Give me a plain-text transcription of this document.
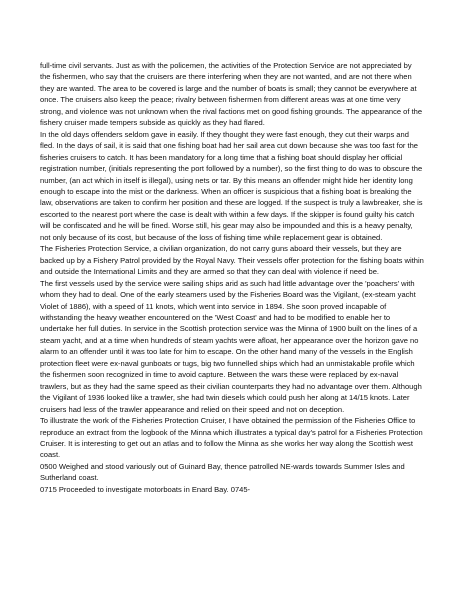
full-time civil servants. Just as with the policemen, the activities of the Protection Service are not appreciated by the fishermen, who say that the cruisers are there interfering when they are not wanted, and are not there when they are wanted. The area to be covered is large and the number of boats is small; they cannot be everywhere at once. The cruisers also keep the peace; rivalry between fishermen from different areas was at one time very strong, and violence was not unknown when the rival factions met on good fishing grounds. The appearance of the fishery cruiser made tempers subside as quickly as they had flared.

In the old days offenders seldom gave in easily. If they thought they were fast enough, they cut their warps and fled. In the days of sail, it is said that one fishing boat had her sail area cut down because she was too fast for the fisheries cruisers to catch. It has been mandatory for a long time that a fishing boat should display her official registration number, (initials representing the port followed by a number), so the first thing to do was to obscure the number, (an act which in itself is illegal), using nets or tar. By this means an offender might hide her identity long enough to escape into the mist or the darkness. When an officer is suspicious that a fishing boat is breaking the law, observations are taken to confirm her position and these are logged. If the suspect is truly a lawbreaker, she is escorted to the nearest port where the case is dealt with within a few days. If the skipper is found guilty his catch will be confiscated and he will be fined. Worse still, his gear may also be impounded and this is a heavy penalty, not only because of its cost, but because of the loss of fishing time while replacement gear is obtained.

The Fisheries Protection Service, a civilian organization, do not carry guns aboard their vessels, but they are backed up by a Fishery Patrol provided by the Royal Navy. Their vessels offer protection for the fishing boats within and outside the International Limits and they are armed so that they can deal with violence if need be.

The first vessels used by the service were sailing ships arid as such had little advantage over the 'poachers' with whom they had to deal. One of the early steamers used by the Fisheries Board was the Vigilant, (ex-steam yacht Violet of 1886), with a speed of 11 knots, which went into service in 1894. She soon proved incapable of withstanding the heavy weather encountered on the 'West Coast' and had to be modified to enable her to undertake her full duties. In service in the Scottish protection service was the Minna of 1900 built on the lines of a steam yacht, and at a time when hundreds of steam yachts were afloat, her appearance over the horizon gave no alarm to an offender until it was too late for him to escape. On the other hand many of the vessels in the English protection fleet were ex-naval gunboats or tugs, big two funnelled ships which had an unmistakable profile which the fishermen soon recognized in time to avoid capture. Between the wars these were replaced by ex-naval trawlers, but as they had the same speed as their civilian counterparts they had no advantage over them. Although the Vigilant of 1936 looked like a trawler, she had twin diesels which could push her along at 14/15 knots. Later cruisers had less of the trawler appearance and relied on their speed and not on deception.

To illustrate the work of the Fisheries Protection Cruiser, I have obtained the permission of the Fisheries Office to reproduce an extract from the logbook of the Minna which illustrates a typical day's patrol for a Fisheries Protection Cruiser. It is interesting to get out an atlas and to follow the Minna as she works her way along the Scottish west coast.

0500 Weighed and stood variously out of Guinard Bay, thence patrolled NE-wards towards Summer Isles and Sutherland coast.

0715 Proceeded to investigate motorboats in Enard Bay. 0745-
